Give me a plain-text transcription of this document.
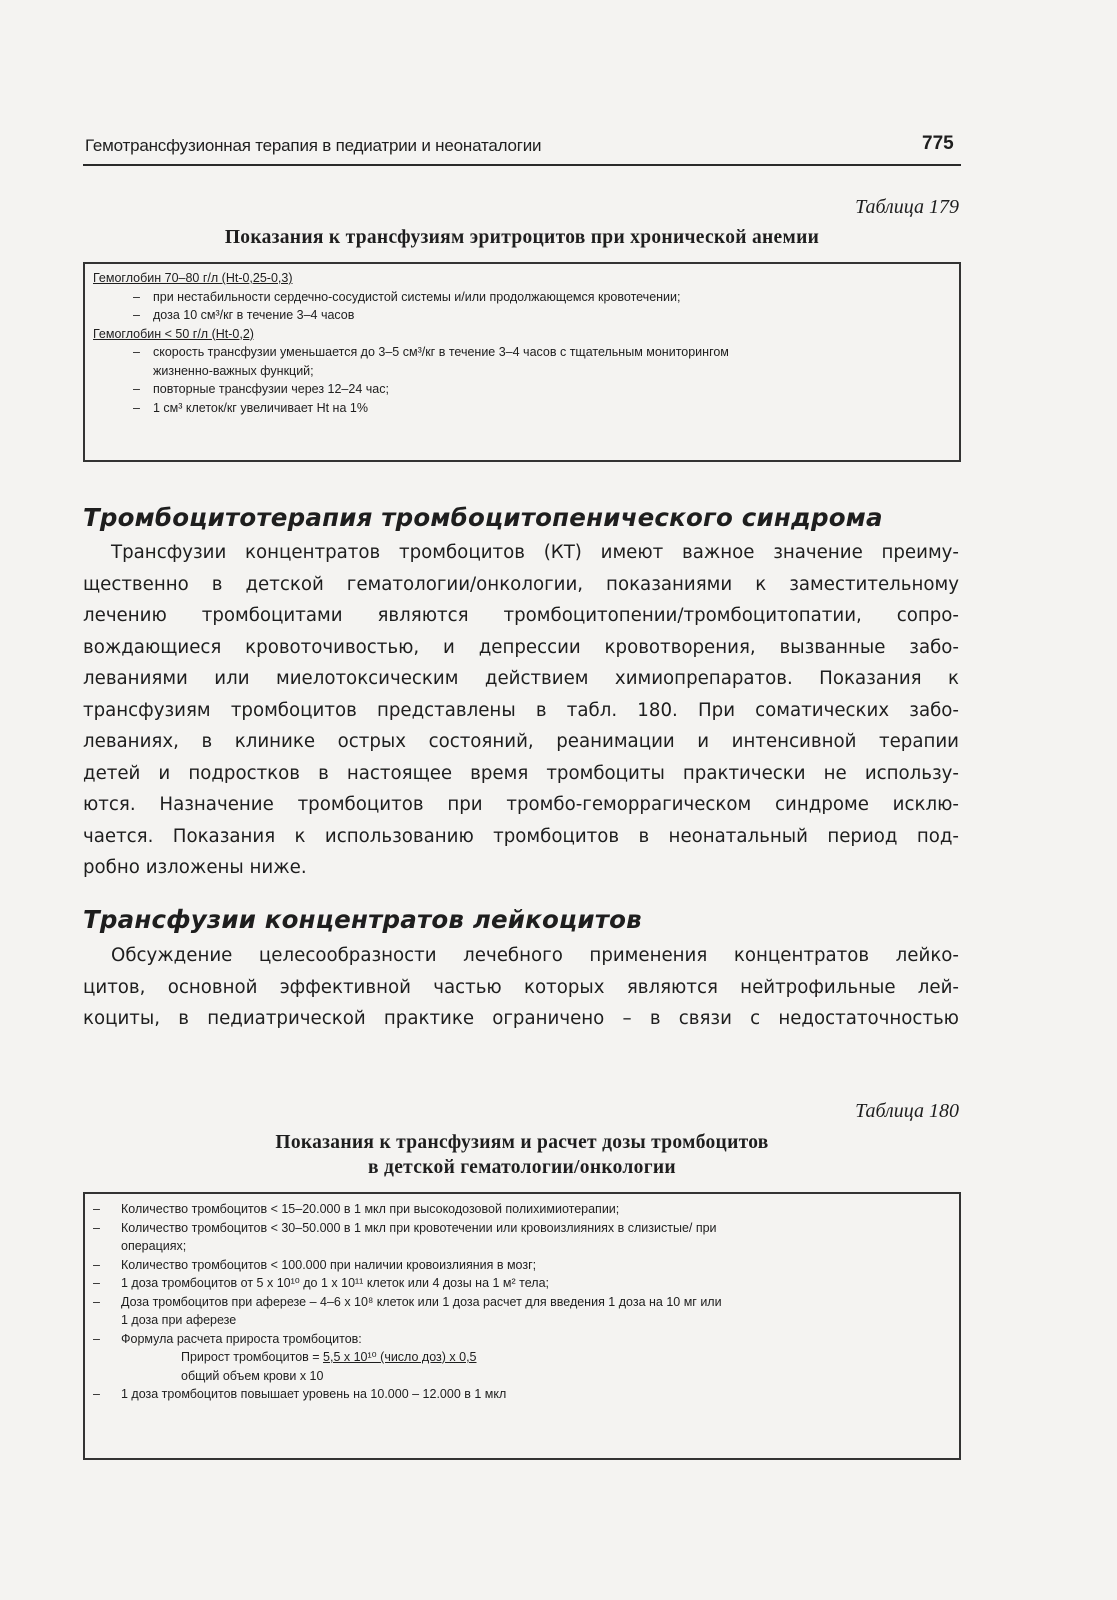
Гемотрансфузионная терапия в педиатрии и неонаталогии	775
Таблица 179
Показания к трансфузиям эритроцитов при хронической анемии
Гемоглобин 70–80 г/л (Ht-0,25-0,3)
– при нестабильности сердечно-сосудистой системы и/или продолжающемся кровотечении;
– доза 10 см³/кг в течение 3–4 часов
Гемоглобин < 50 г/л (Ht-0,2)
– скорость трансфузии уменьшается до 3–5 см³/кг в течение 3–4 часов с тщательным мониторингом
жизненно-важных функций;
– повторные трансфузии через 12–24 час;
– 1 см³ клеток/кг увеличивает Ht на 1%
Тромбоцитотерапия тромбоцитопенического синдрома
Трансфузии концентратов тромбоцитов (КТ) имеют важное значение преиму-
щественно в детской гематологии/онкологии, показаниями к заместительному
лечению тромбоцитами являются тромбоцитопении/тромбоцитопатии, сопро-
вождающиеся кровоточивостью, и депрессии кровотворения, вызванные забо-
леваниями или миелотоксическим действием химиопрепаратов. Показания к
трансфузиям тромбоцитов представлены в табл. 180. При соматических забо-
леваниях, в клинике острых состояний, реанимации и интенсивной терапии
детей и подростков в настоящее время тромбоциты практически не использу-
ются. Назначение тромбоцитов при тромбо-геморрагическом синдроме исклю-
чается. Показания к использованию тромбоцитов в неонатальный период под-
робно изложены ниже.
Трансфузии концентратов лейкоцитов
Обсуждение целесообразности лечебного применения концентратов лейко-
цитов, основной эффективной частью которых являются нейтрофильные лей-
коциты, в педиатрической практике ограничено – в связи с недостаточностью
Таблица 180
Показания к трансфузиям и расчет дозы тромбоцитов
в детской гематологии/онкологии
– Количество тромбоцитов < 15–20.000 в 1 мкл при высокодозовой полихимиотерапии;
– Количество тромбоцитов < 30–50.000 в 1 мкл при кровотечении или кровоизлияниях в слизистые/ при
операциях;
– Количество тромбоцитов < 100.000 при наличии кровоизлияния в мозг;
– 1 доза тромбоцитов от 5 x 10¹⁰ до 1 x 10¹¹ клеток или 4 дозы на 1 м² тела;
– Доза тромбоцитов при аферезе – 4–6 x 10⁸ клеток или 1 доза расчет для введения 1 доза на 10 мг или
1 доза при аферезе
– Формула расчета прироста тромбоцитов:
Прирост тромбоцитов = 5,5 x 10¹⁰ (число доз) x 0,5
общий объем крови x 10
– 1 доза тромбоцитов повышает уровень на 10.000 – 12.000 в 1 мкл
